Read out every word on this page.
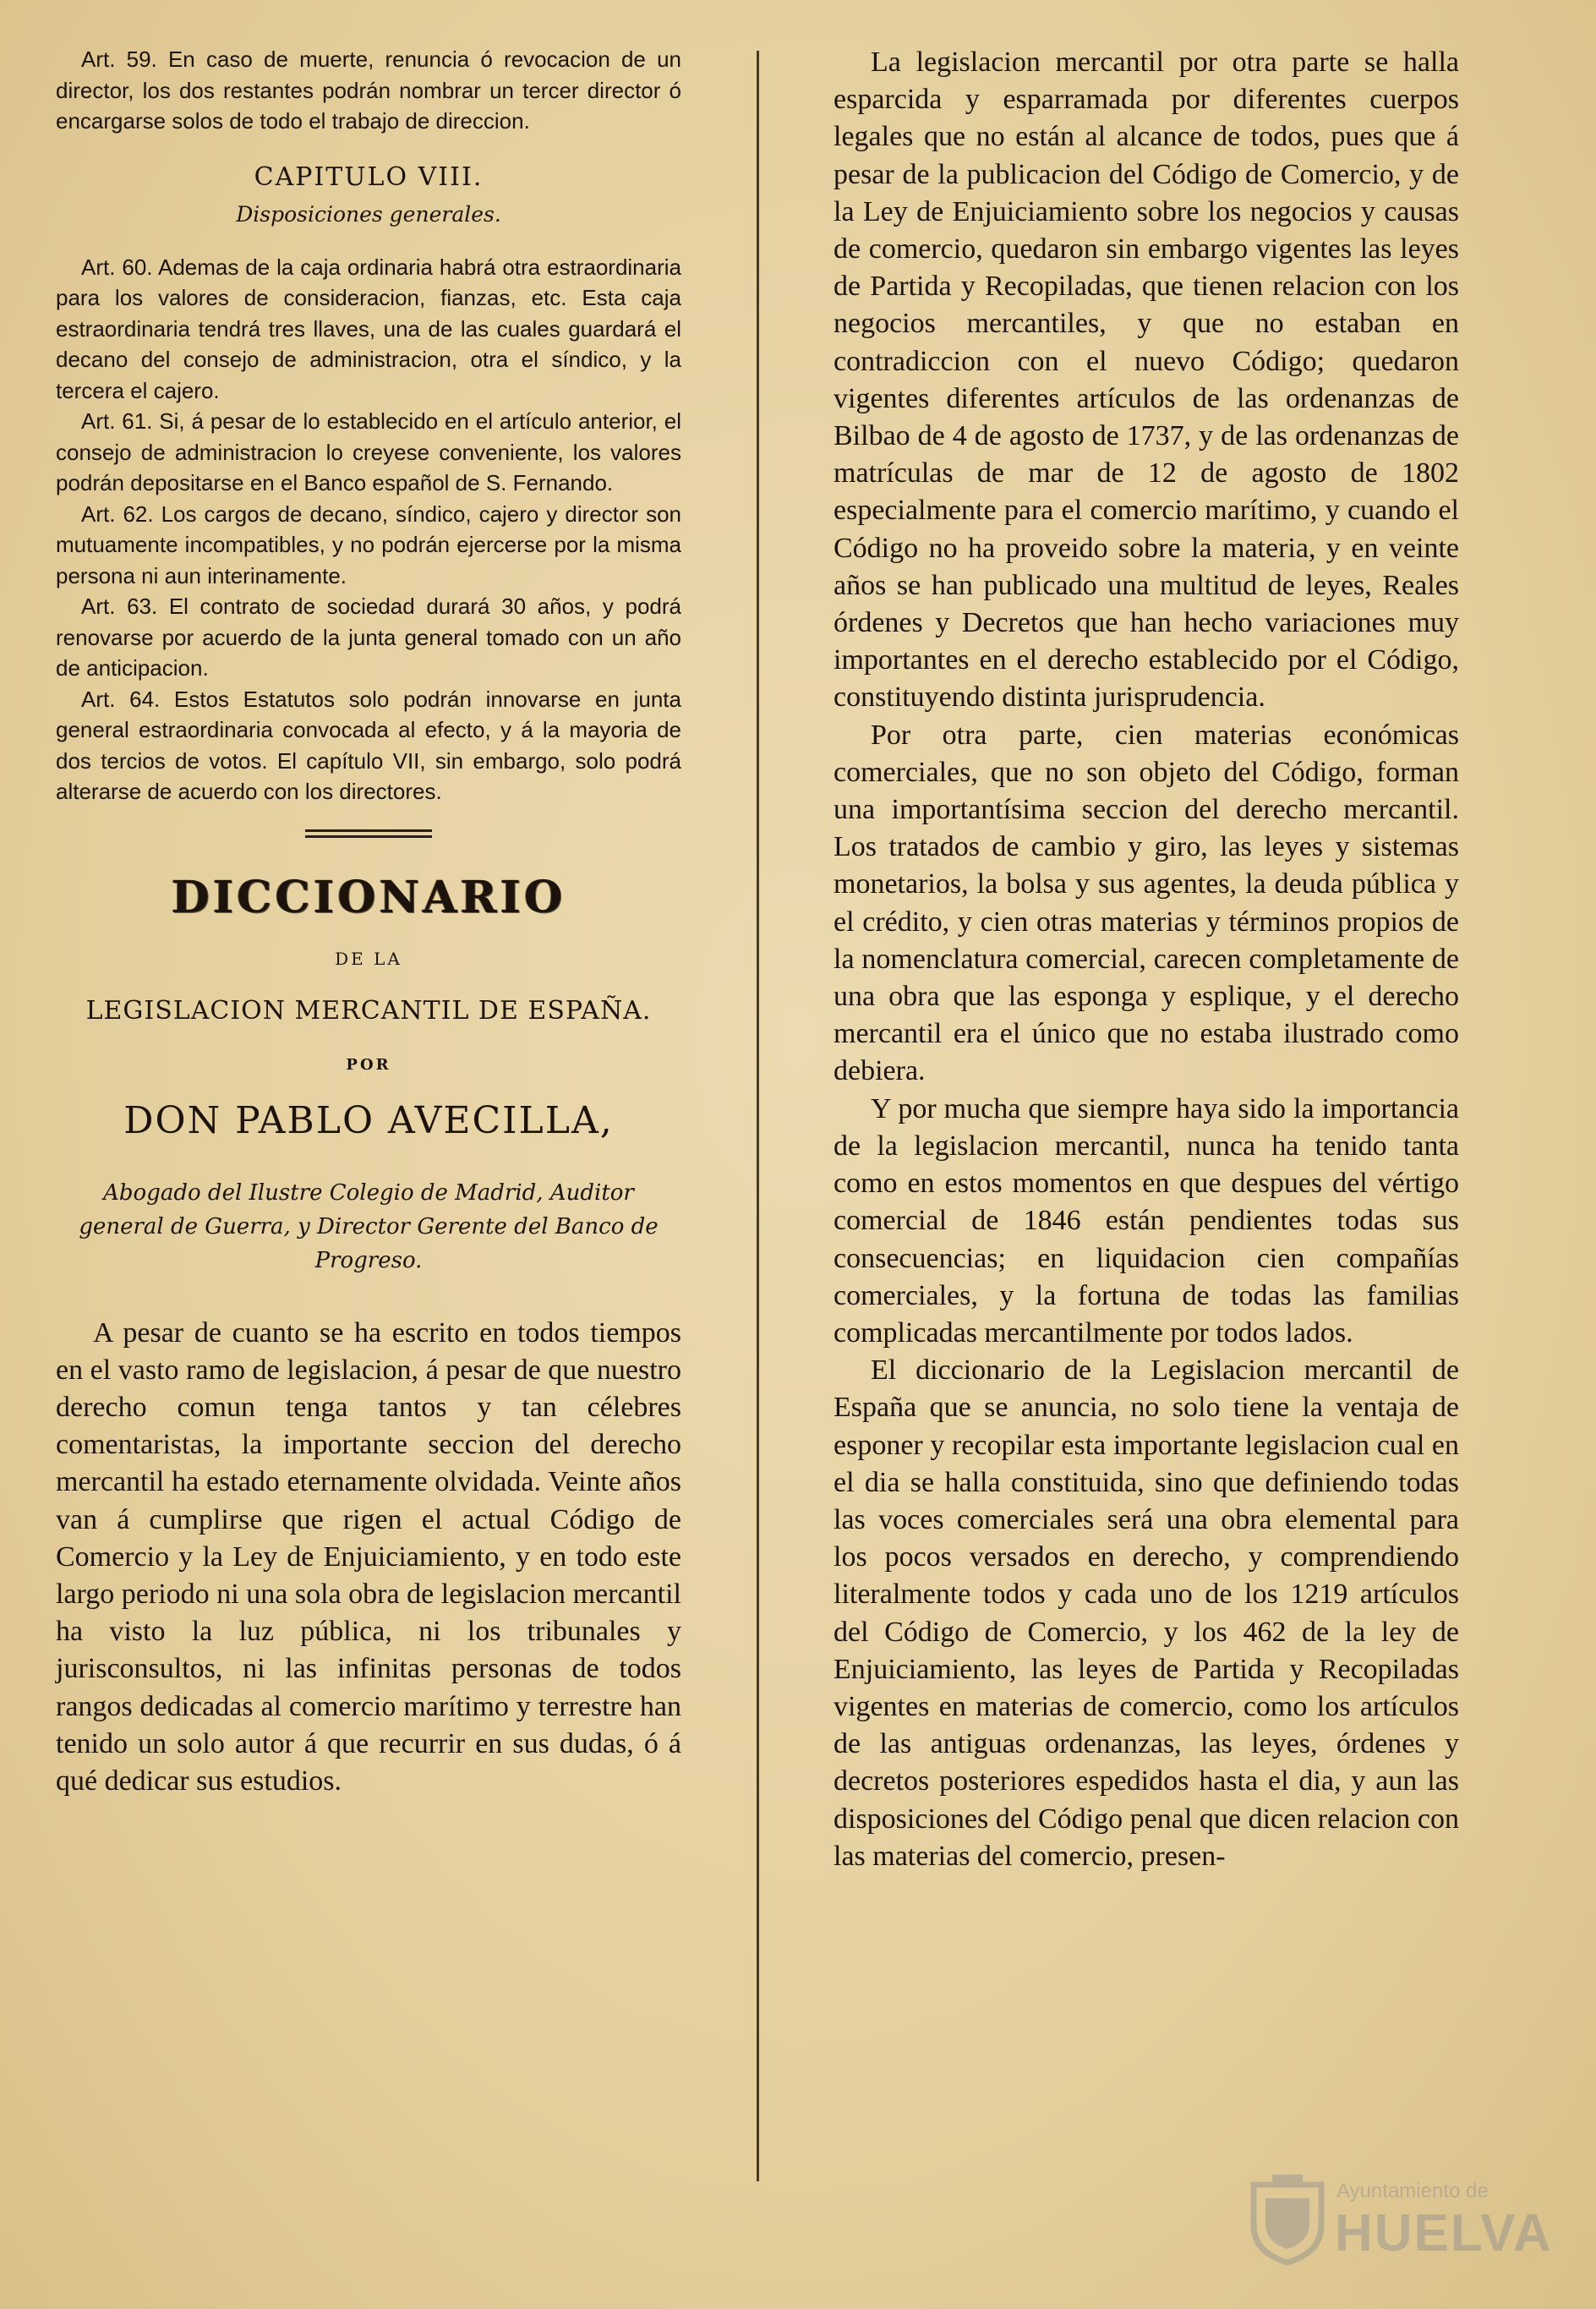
Art. 59. En caso de muerte, renuncia ó revocacion de un director, los dos restantes podrán nombrar un tercer director ó encargarse solos de todo el trabajo de direccion.

CAPITULO VIII.
Disposiciones generales.

Art. 60. Ademas de la caja ordinaria habrá otra estraordinaria para los valores de consideracion, fianzas, etc. Esta caja estraordinaria tendrá tres llaves, una de las cuales guardará el decano del consejo de administracion, otra el síndico, y la tercera el cajero.

Art. 61. Si, á pesar de lo establecido en el artículo anterior, el consejo de administracion lo creyese conveniente, los valores podrán depositarse en el Banco español de S. Fernando.

Art. 62. Los cargos de decano, síndico, cajero y director son mutuamente incompatibles, y no podrán ejercerse por la misma persona ni aun interinamente.

Art. 63. El contrato de sociedad durará 30 años, y podrá renovarse por acuerdo de la junta general tomado con un año de anticipacion.

Art. 64. Estos Estatutos solo podrán innovarse en junta general estraordinaria convocada al efecto, y á la mayoria de dos tercios de votos. El capítulo VII, sin embargo, solo podrá alterarse de acuerdo con los directores.

DICCIONARIO
DE LA
LEGISLACION MERCANTIL DE ESPAÑA.
POR
DON PABLO AVECILLA,
Abogado del Ilustre Colegio de Madrid, Auditor general de Guerra, y Director Gerente del Banco de Progreso.

A pesar de cuanto se ha escrito en todos tiempos en el vasto ramo de legislacion, á pesar de que nuestro derecho comun tenga tantos y tan célebres comentaristas, la importante seccion del derecho mercantil ha estado eternamente olvidada. Veinte años van á cumplirse que rigen el actual Código de Comercio y la Ley de Enjuiciamiento, y en todo este largo periodo ni una sola obra de legislacion mercantil ha visto la luz pública, ni los tribunales y jurisconsultos, ni las infinitas personas de todos rangos dedicadas al comercio marítimo y terrestre han tenido un solo autor á que recurrir en sus dudas, ó á qué dedicar sus estudios.

La legislacion mercantil por otra parte se halla esparcida y esparramada por diferentes cuerpos legales que no están al alcance de todos, pues que á pesar de la publicacion del Código de Comercio, y de la Ley de Enjuiciamiento sobre los negocios y causas de comercio, quedaron sin embargo vigentes las leyes de Partida y Recopiladas, que tienen relacion con los negocios mercantiles, y que no estaban en contradiccion con el nuevo Código; quedaron vigentes diferentes artículos de las ordenanzas de Bilbao de 4 de agosto de 1737, y de las ordenanzas de matrículas de mar de 12 de agosto de 1802 especialmente para el comercio marítimo, y cuando el Código no ha proveido sobre la materia, y en veinte años se han publicado una multitud de leyes, Reales órdenes y Decretos que han hecho variaciones muy importantes en el derecho establecido por el Código, constituyendo distinta jurisprudencia.

Por otra parte, cien materias económicas comerciales, que no son objeto del Código, forman una importantísima seccion del derecho mercantil. Los tratados de cambio y giro, las leyes y sistemas monetarios, la bolsa y sus agentes, la deuda pública y el crédito, y cien otras materias y términos propios de la nomenclatura comercial, carecen completamente de una obra que las esponga y esplique, y el derecho mercantil era el único que no estaba ilustrado como debiera.

Y por mucha que siempre haya sido la importancia de la legislacion mercantil, nunca ha tenido tanta como en estos momentos en que despues del vértigo comercial de 1846 están pendientes todas sus consecuencias; en liquidacion cien compañías comerciales, y la fortuna de todas las familias complicadas mercantilmente por todos lados.

El diccionario de la Legislacion mercantil de España que se anuncia, no solo tiene la ventaja de esponer y recopilar esta importante legislacion cual en el dia se halla constituida, sino que definiendo todas las voces comerciales será una obra elemental para los pocos versados en derecho, y comprendiendo literalmente todos y cada uno de los 1219 artículos del Código de Comercio, y los 462 de la ley de Enjuiciamiento, las leyes de Partida y Recopiladas vigentes en materias de comercio, como los artículos de las antiguas ordenanzas, las leyes, órdenes y decretos posteriores espedidos hasta el dia, y aun las disposiciones del Código penal que dicen relacion con las materias del comercio, presen-

Ayuntamiento de
HUELVA
